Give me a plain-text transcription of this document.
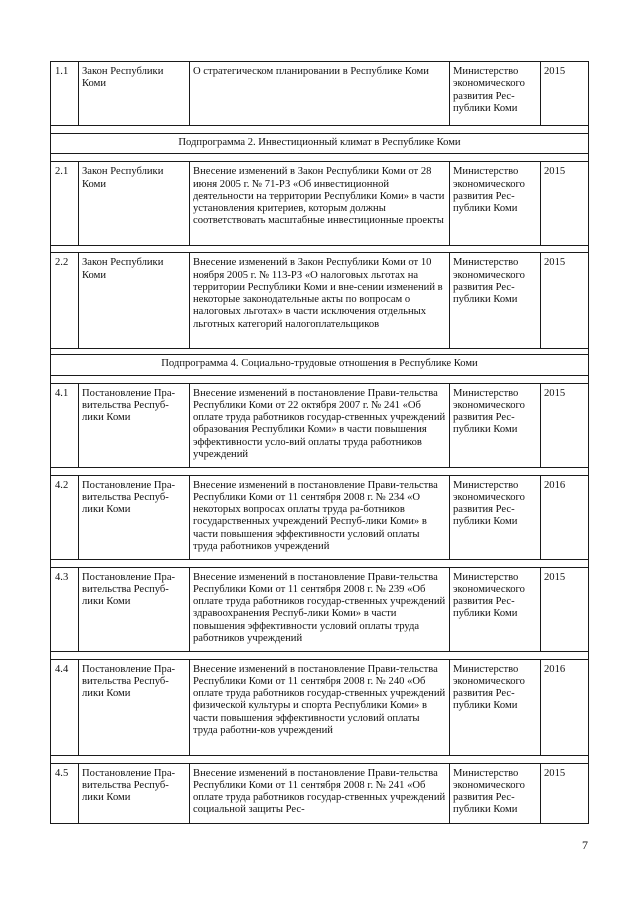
1.1	Закон Республики Коми	О стратегическом планировании в Республике Коми	Министерство экономического развития Рес-публики Коми	2015

Подпрограмма 2. Инвестиционный климат в Республике Коми				

2.1	Закон Республики Коми	Внесение изменений в Закон Республики Коми от 28 июня 2005 г. № 71-РЗ «Об инвестиционной деятельности на территории Республики Коми» в части установления критериев, которым должны соответствовать масштабные инвестиционные проекты	Министерство экономического развития Рес-публики Коми	2015

2.2	Закон Республики Коми	Внесение изменений в Закон Республики Коми от 10 ноября 2005 г. № 113-РЗ «О налоговых льготах на территории Республики Коми и вне-сении изменений в некоторые законодательные акты по вопросам о налоговых льготах» в части исключения отдельных льготных категорий налогоплательщиков	Министерство экономического развития Рес-публики Коми	2015

Подпрограмма 4. Социально-трудовые отношения в Республике Коми				

4.1	Постановление Пра-вительства Респуб-лики Коми	Внесение изменений в постановление Прави-тельства Республики Коми от 22 октября 2007 г. № 241 «Об оплате труда работников государ-ственных учреждений образования Республики Коми» в части повышения эффективности усло-вий оплаты труда работников учреждений	Министерство экономического развития Рес-публики Коми	2015

4.2	Постановление Пра-вительства Респуб-лики Коми	Внесение изменений в постановление Прави-тельства Республики Коми от 11 сентября 2008 г. № 234 «О некоторых вопросах оплаты труда ра-ботников государственных учреждений Респуб-лики Коми» в части повышения эффективности условий оплаты труда работников учреждений	Министерство экономического развития Рес-публики Коми	2016

4.3	Постановление Пра-вительства Респуб-лики Коми	Внесение изменений в постановление Прави-тельства Республики Коми от 11 сентября 2008 г. № 239 «Об оплате труда работников государ-ственных учреждений здравоохранения Респуб-лики Коми» в части повышения эффективности условий оплаты труда работников учреждений	Министерство экономического развития Рес-публики Коми	2015

4.4	Постановление Пра-вительства Респуб-лики Коми	Внесение изменений в постановление Прави-тельства Республики Коми от 11 сентября 2008 г. № 240 «Об оплате труда работников государ-ственных учреждений физической культуры и спорта Республики Коми» в части повышения эффективности условий оплаты труда работни-ков учреждений	Министерство экономического развития Рес-публики Коми	2016

4.5	Постановление Пра-вительства Респуб-лики Коми	Внесение изменений в постановление Прави-тельства Республики Коми от 11 сентября 2008 г. № 241 «Об оплате труда работников государ-ственных учреждений социальной защиты Рес-	Министерство экономического развития Рес-публики Коми	2015
7
